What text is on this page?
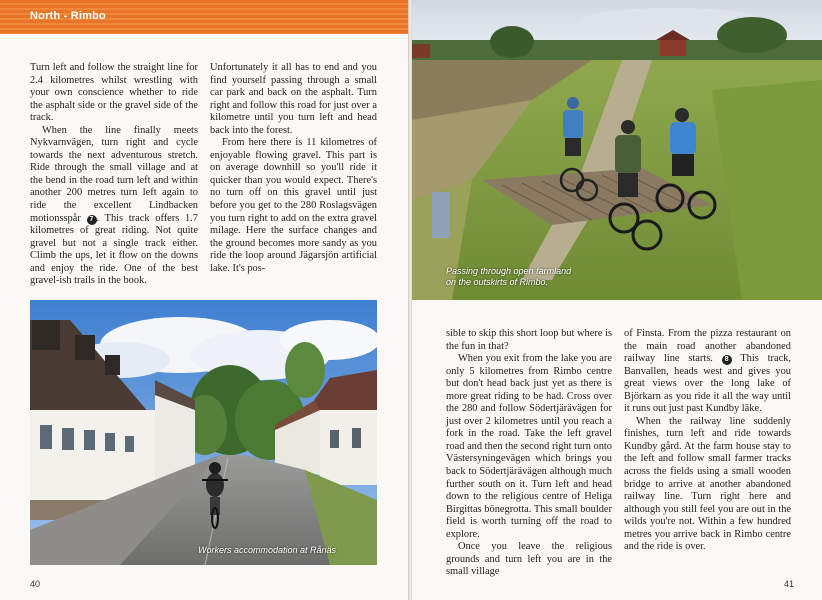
North - Rimbo

Turn left and follow the straight line for 2.4 kilometres whilst wrestling with your own conscience whether to ride the asphalt side or the gravel side of the track.

When the line finally meets Nykvarnvägen, turn right and cycle towards the next adventurous stretch. Ride through the small village and at the bend in the road turn left and within another 200 metres turn left again to ride the excellent Lindbacken motionsspår 7 . This track offers 1.7 kilometres of great riding. Not quite gravel but not a single track either. Climb the ups, let it flow on the downs and enjoy the ride. One of the best gravel-ish trails in the book.

Unfortunately it all has to end and you find yourself passing through a small car park and back on the asphalt. Turn right and follow this road for just over a kilometre until you turn left and head back into the forest.

From here there is 11 kilometres of enjoyable flowing gravel. This part is on average downhill so you'll ride it quicker than you would expect. There's no turn off on this gravel until just before you get to the 280 Roslagsvägen you turn right to add on the extra gravel milage. Here the surface changes and the ground becomes more sandy as you ride the loop around Jägarsjön artificial lake. It's pos-

Workers accommodation at Rånäs
40
Passing through open farmland
on the outskirts of Rimbo.

sible to skip this short loop but where is the fun in that?

When you exit from the lake you are only 5 kilometres from Rimbo centre but don't head back just yet as there is more great riding to be had. Cross over the 280 and follow Södertjärävägen for just over 2 kilometres until you reach a fork in the road. Take the left gravel road and then the second right turn onto Västersyningevägen which brings you back to Södertjärävägen although much further south on it. Turn left and head down to the religious centre of Heliga Birgittas bönegrotta. This small boulder field is worth turning off the road to explore.

Once you leave the religious grounds and turn left you are in the small village

of Finsta. From the pizza restaurant on the main road another abandoned railway line starts. 8 This track, Banvallen, heads west and gives you great views over the long lake of Björkarn as you ride it all the way until it runs out just past Kundby läke.

When the railway line suddenly finishes, turn left and ride towards Kundby gård. At the farm house stay to the left and follow small farmer tracks across the fields using a small wooden bridge to arrive at another abandoned railway line. Turn right here and although you still feel you are out in the wilds you're not. Within a few hundred metres you arrive back in Rimbo centre and the ride is over.

41
